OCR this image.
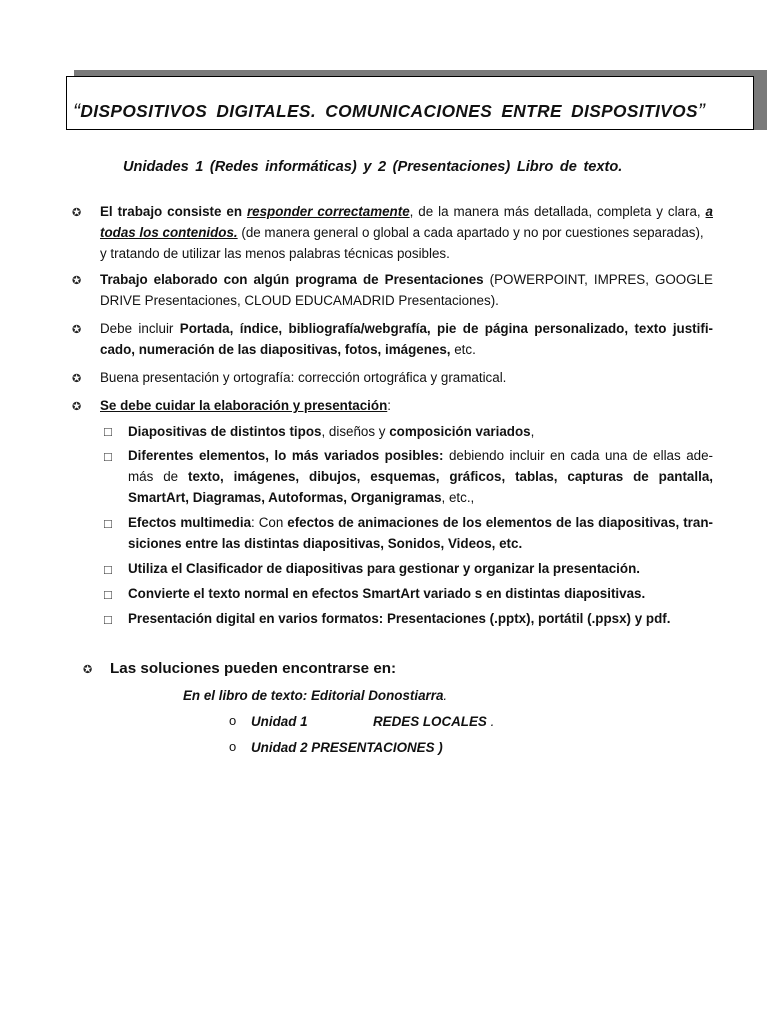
“DISPOSITIVOS DIGITALES. COMUNICACIONES ENTRE DISPOSITIVOS”
Unidades 1 (Redes informáticas) y 2 (Presentaciones) Libro de texto.
✪ El trabajo consiste en responder correctamente, de la manera más detallada, completa y clara, a
todas los contenidos. (de manera general o global a cada apartado y no por cuestiones separadas),
y tratando de utilizar las menos palabras técnicas posibles.
✪ Trabajo elaborado con algún programa de Presentaciones (POWERPOINT, IMPRES, GOOGLE
DRIVE Presentaciones, CLOUD EDUCAMADRID Presentaciones).
✪ Debe incluir Portada, índice, bibliografía/webgrafía, pie de página personalizado, texto justifi-
cado, numeración de las diapositivas, fotos, imágenes, etc.
✪ Buena presentación y ortografía: corrección ortográfica y gramatical.
✪ Se debe cuidar la elaboración y presentación:
□ Diapositivas de distintos tipos, diseños y composición variados,
□ Diferentes elementos, lo más variados posibles: debiendo incluir en cada una de ellas ade-
más de texto, imágenes, dibujos, esquemas, gráficos, tablas, capturas de pantalla,
SmartArt, Diagramas, Autoformas, Organigramas, etc.,
□ Efectos multimedia: Con efectos de animaciones de los elementos de las diapositivas, tran-
siciones entre las distintas diapositivas, Sonidos, Videos, etc.
□ Utiliza el Clasificador de diapositivas para gestionar y organizar la presentación.
□ Convierte el texto normal en efectos SmartArt variado s en distintas diapositivas.
□ Presentación digital en varios formatos: Presentaciones (.pptx), portátil (.ppsx) y pdf.
✪ Las soluciones pueden encontrarse en:
En el libro de texto: Editorial Donostiarra.
o Unidad 1	REDES LOCALES .
o Unidad 2 PRESENTACIONES )
